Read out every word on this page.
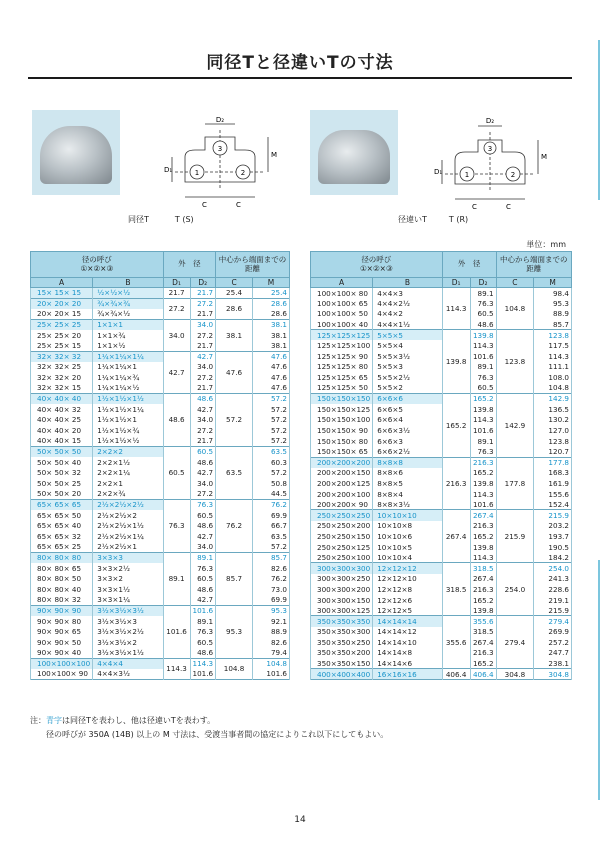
同径Tと径違いTの寸法
3
1	2
D₂
D₁
M
C	C
同径T　	T (S)
3
1	2
D₂
D₁
M
C	C
径違いT　	T (R)
単位：mm
径の呼び
①×②×③		外　径		中心から端面までの距離	
A	B	D₁	D₂	C	M
15× 15× 15	½×½×½	21.7	21.7	25.4	25.4
20× 20× 20	¾×¾×¾	27.2	27.2	28.6	28.6
20× 20× 15	¾×¾×½		21.7		28.6
25× 25× 25	1×1×1	34.0	34.0	38.1	38.1
25× 25× 20	1×1×¾		27.2		38.1
25× 25× 15	1×1×½		21.7		38.1
32× 32× 32	1¼×1¼×1¼	42.7	42.7	47.6	47.6
32× 32× 25	1¼×1¼×1		34.0		47.6
32× 32× 20	1¼×1¼×¾		27.2		47.6
32× 32× 15	1¼×1¼×½		21.7		47.6
40× 40× 40	1½×1½×1½	48.6	48.6	57.2	57.2
40× 40× 32	1½×1½×1¼		42.7		57.2
40× 40× 25	1½×1½×1		34.0		57.2
40× 40× 20	1½×1½×¾		27.2		57.2
40× 40× 15	1½×1½×½		21.7		57.2
50× 50× 50	2×2×2	60.5	60.5	63.5	63.5
50× 50× 40	2×2×1½		48.6		60.3
50× 50× 32	2×2×1¼		42.7		57.2
50× 50× 25	2×2×1		34.0		50.8
50× 50× 20	2×2×¾		27.2		44.5
65× 65× 65	2½×2½×2½	76.3	76.3	76.2	76.2
65× 65× 50	2½×2½×2		60.5		69.9
65× 65× 40	2½×2½×1½		48.6		66.7
65× 65× 32	2½×2½×1¼		42.7		63.5
65× 65× 25	2½×2½×1		34.0		57.2
80× 80× 80	3×3×3	89.1	89.1	85.7	85.7
80× 80× 65	3×3×2½		76.3		82.6
80× 80× 50	3×3×2		60.5		76.2
80× 80× 40	3×3×1½		48.6		73.0
80× 80× 32	3×3×1¼		42.7		69.9
90× 90× 90	3½×3½×3½	101.6	101.6	95.3	95.3
90× 90× 80	3½×3½×3		89.1		92.1
90× 90× 65	3½×3½×2½		76.3		88.9
90× 90× 50	3½×3½×2		60.5		82.6
90× 90× 40	3½×3½×1½		48.6		79.4
100×100×100	4×4×4	114.3	114.3	104.8	104.8
100×100× 90	4×4×3½		101.6		101.6
径の呼び
①×②×③		外　径		中心から端面までの距離	
A	B	D₁	D₂	C	M
100×100× 80	4×4×3	114.3	89.1	104.8	98.4
100×100× 65	4×4×2½		76.3		95.3
100×100× 50	4×4×2		60.5		88.9
100×100× 40	4×4×1½		48.6		85.7
125×125×125	5×5×5	139.8	139.8	123.8	123.8
125×125×100	5×5×4		114.3		117.5
125×125× 90	5×5×3½		101.6		114.3
125×125× 80	5×5×3		89.1		111.1
125×125× 65	5×5×2½		76.3		108.0
125×125× 50	5×5×2		60.5		104.8
150×150×150	6×6×6	165.2	165.2	142.9	142.9
150×150×125	6×6×5		139.8		136.5
150×150×100	6×6×4		114.3		130.2
150×150× 90	6×6×3½		101.6		127.0
150×150× 80	6×6×3		89.1		123.8
150×150× 65	6×6×2½		76.3		120.7
200×200×200	8×8×8	216.3	216.3	177.8	177.8
200×200×150	8×8×6		165.2		168.3
200×200×125	8×8×5		139.8		161.9
200×200×100	8×8×4		114.3		155.6
200×200× 90	8×8×3½		101.6		152.4
250×250×250	10×10×10	267.4	267.4	215.9	215.9
250×250×200	10×10×8		216.3		203.2
250×250×150	10×10×6		165.2		193.7
250×250×125	10×10×5		139.8		190.5
250×250×100	10×10×4		114.3		184.2
300×300×300	12×12×12	318.5	318.5	254.0	254.0
300×300×250	12×12×10		267.4		241.3
300×300×200	12×12×8		216.3		228.6
300×300×150	12×12×6		165.2		219.1
300×300×125	12×12×5		139.8		215.9
350×350×350	14×14×14	355.6	355.6	279.4	279.4
350×350×300	14×14×12		318.5		269.9
350×350×250	14×14×10		267.4		257.2
350×350×200	14×14×8		216.3		247.7
350×350×150	14×14×6		165.2		238.1
400×400×400	16×16×16	406.4	406.4	304.8	304.8
注：青字は同径Tを表わし、他は径違いTを表わす。
径の呼びが 350A (14B) 以上の M 寸法は、受渡当事者間の協定によりこれ以下にしてもよい。
14
